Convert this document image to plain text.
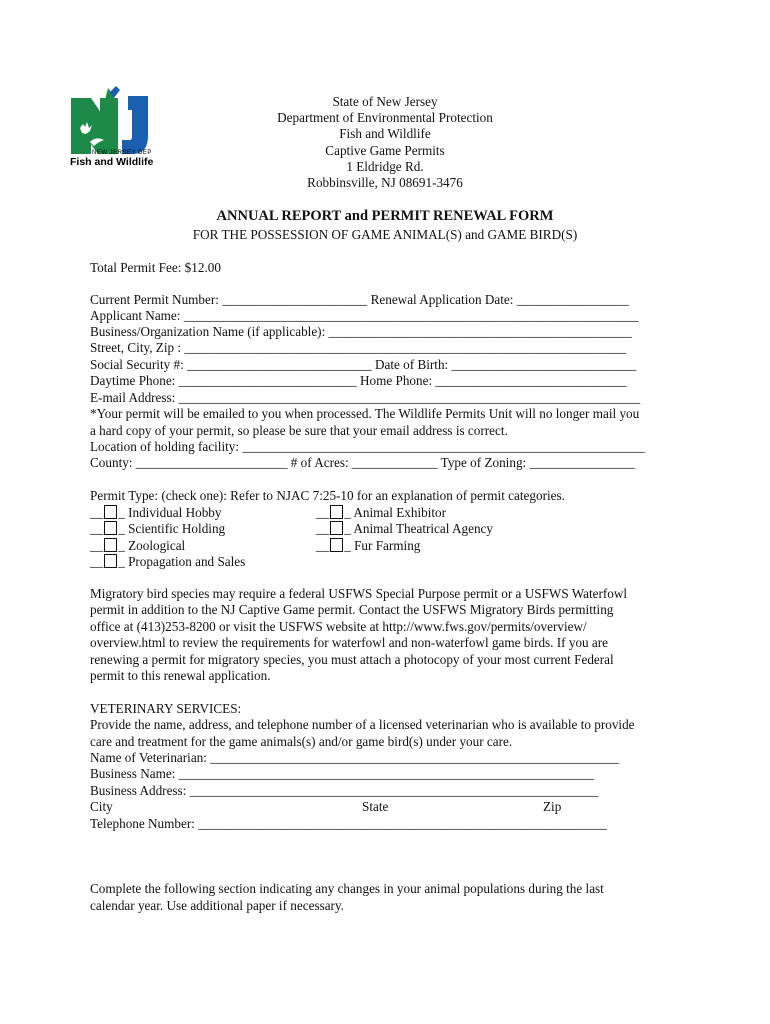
NEW JERSEY DEP
Fish and Wildlife
State of New Jersey
Department of Environmental Protection
Fish and Wildlife
Captive Game Permits
1 Eldridge Rd.
Robbinsville, NJ 08691-3476
ANNUAL REPORT and PERMIT RENEWAL FORM
FOR THE POSSESSION OF GAME ANIMAL(S) and GAME BIRD(S)
Total Permit Fee: $12.00
Current Permit Number: ______________________ Renewal Application Date: _________________
Applicant Name: _____________________________________________________________________
Business/Organization Name (if applicable): ______________________________________________
Street, City, Zip : ___________________________________________________________________
Social Security #: ____________________________ Date of Birth: ____________________________
Daytime Phone: ___________________________ Home Phone: _____________________________
E-mail Address: ______________________________________________________________________
*Your permit will be emailed to you when processed. The Wildlife Permits Unit will no longer mail you
a hard copy of your permit, so please be sure that your email address is correct.
Location of holding facility: _____________________________________________________________
County: _______________________ # of Acres: _____________ Type of Zoning: ________________
Permit Type: (check one): Refer to NJAC 7:25-10 for an explanation of permit categories.
__ _ Individual Hobby
__ _ Scientific Holding
__ _ Zoological
__ _ Propagation and Sales
__ _ Animal Exhibitor
__ _ Animal Theatrical Agency
__ _ Fur Farming
Migratory bird species may require a federal USFWS Special Purpose permit or a USFWS Waterfowl
permit in addition to the NJ Captive Game permit. Contact the USFWS Migratory Birds permitting
office at (413)253-8200 or visit the USFWS website at http://www.fws.gov/permits/overview/
overview.html to review the requirements for waterfowl and non-waterfowl game birds. If you are
renewing a permit for migratory species, you must attach a photocopy of your most current Federal
permit to this renewal application.
VETERINARY SERVICES:
Provide the name, address, and telephone number of a licensed veterinarian who is available to provide
care and treatment for the game animals(s) and/or game bird(s) under your care.
Name of Veterinarian: ______________________________________________________________
Business Name: _______________________________________________________________
Business Address: ______________________________________________________________
City	State	Zip
Telephone Number: ______________________________________________________________
Complete the following section indicating any changes in your animal populations during the last
calendar year. Use additional paper if necessary.
